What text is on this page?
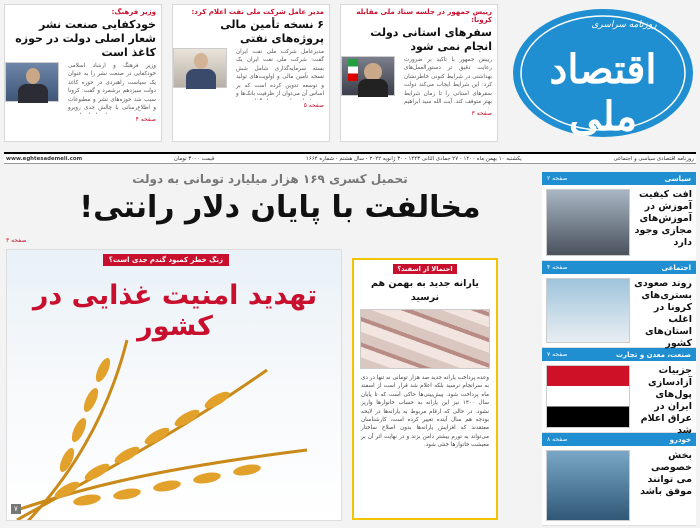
رییس جمهور در جلسه ستاد ملی مقابله کرونا:
سفرهای استانی دولت انجام نمی شود
رییس جمهور با تاکید بر ضرورت رعایت دقیق تر دستورالعمل‌های بهداشتی در شرایط کنونی خاطرنشان کرد: این شرایط ایجاب می‌کند دولت سفرهای استانی را تا زمان شرایط بهتر متوقف کند. آیت الله سید ابراهیم
صفحه ۳
مدیر عامل شرکت ملی نفت اعلام کرد:
۶ نسخه تأمین مالی پروژه‌های نفتی
مدیرعامل شرکت ملی نفت ایران گفت: شرکت ملی نفت ایران یک بسته سرمایه‌گذاری شامل شش نسخه تأمین مالی و اولویت‌های تولید و توسعه تدوین کرده است که بر اساس آن می‌توان از ظرفیت بانک‌ها و
صفحه ۵
وزیر فرهنگ:
خودکفایی صنعت نشر شعار اصلی دولت در حوزه کاغذ است
وزیر فرهنگ و ارشاد اسلامی خودکفایی در صنعت نشر را به عنوان یک سیاست راهبردی در حوزه کاغذ دولت سیزدهم برشمرد و گفت: کرونا سبب شد حوزه‌های نشر و مطبوعات و اطلاع‌رسانی با چالش جدی روبرو
صفحه ۴
روزنامه سراسری
اقتصاد ملی
روزنامه اقتصادی سیاسی و اجتماعی
یکشنبه ۱۰ بهمن ماه ۱۴۰۰ - ۲۷ جمادی الثانی ۱۴۴۳ - ۳۰ ژانویه ۲۰۲۲ - سال هشتم - شماره ۱۶۶۴
قیمت ۳۰۰۰ تومان
www.eghtesademeli.com
تحمیل کسری ۱۶۹ هزار میلیارد تومانی به دولت
مخالفت با پایان دلار رانتی!
صفحه ۳
زنگ خطر کمبود گندم جدی است؟
تهدید امنیت غذایی در کشور
۷
احتمالا از اسفند؟
یارانه جدید به بهمن هم نرسید
وعده پرداخت یارانه جدید صد هزار تومانی نه تنها در دی به سرانجام نرسید بلکه اعلام شد قرار است از اسفند ماه پرداخت شود. پیش‌بینی‌ها حاکی است که تا پایان سال ۱۴۰۰ نیز این یارانه به حساب خانوارها واریز نشود. در حالی که ارقام مربوط به یارانه‌ها در لایحه بودجه هم سال آینده تغییر کرده است، کارشناسان معتقدند که افزایش یارانه‌ها بدون اصلاح ساختار می‌تواند به تورم بیشتر دامن بزند و در نهایت اثر آن بر معیشت خانوارها خنثی شود.
سیاسی
صفحه ۲
افت کیفیت آموزش در آموزش‌های مجازی وجود دارد
اجتماعی
صفحه ۴
روند صعودی بستری‌های کرونا در اغلب استان‌های کشور
صنعت، معدن و تجارت
صفحه ۷
جزییات آزادسازی پول‌های ایران در عراق اعلام شد
خودرو
صفحه ۸
بخش خصوصی می توانند موفق باشد
